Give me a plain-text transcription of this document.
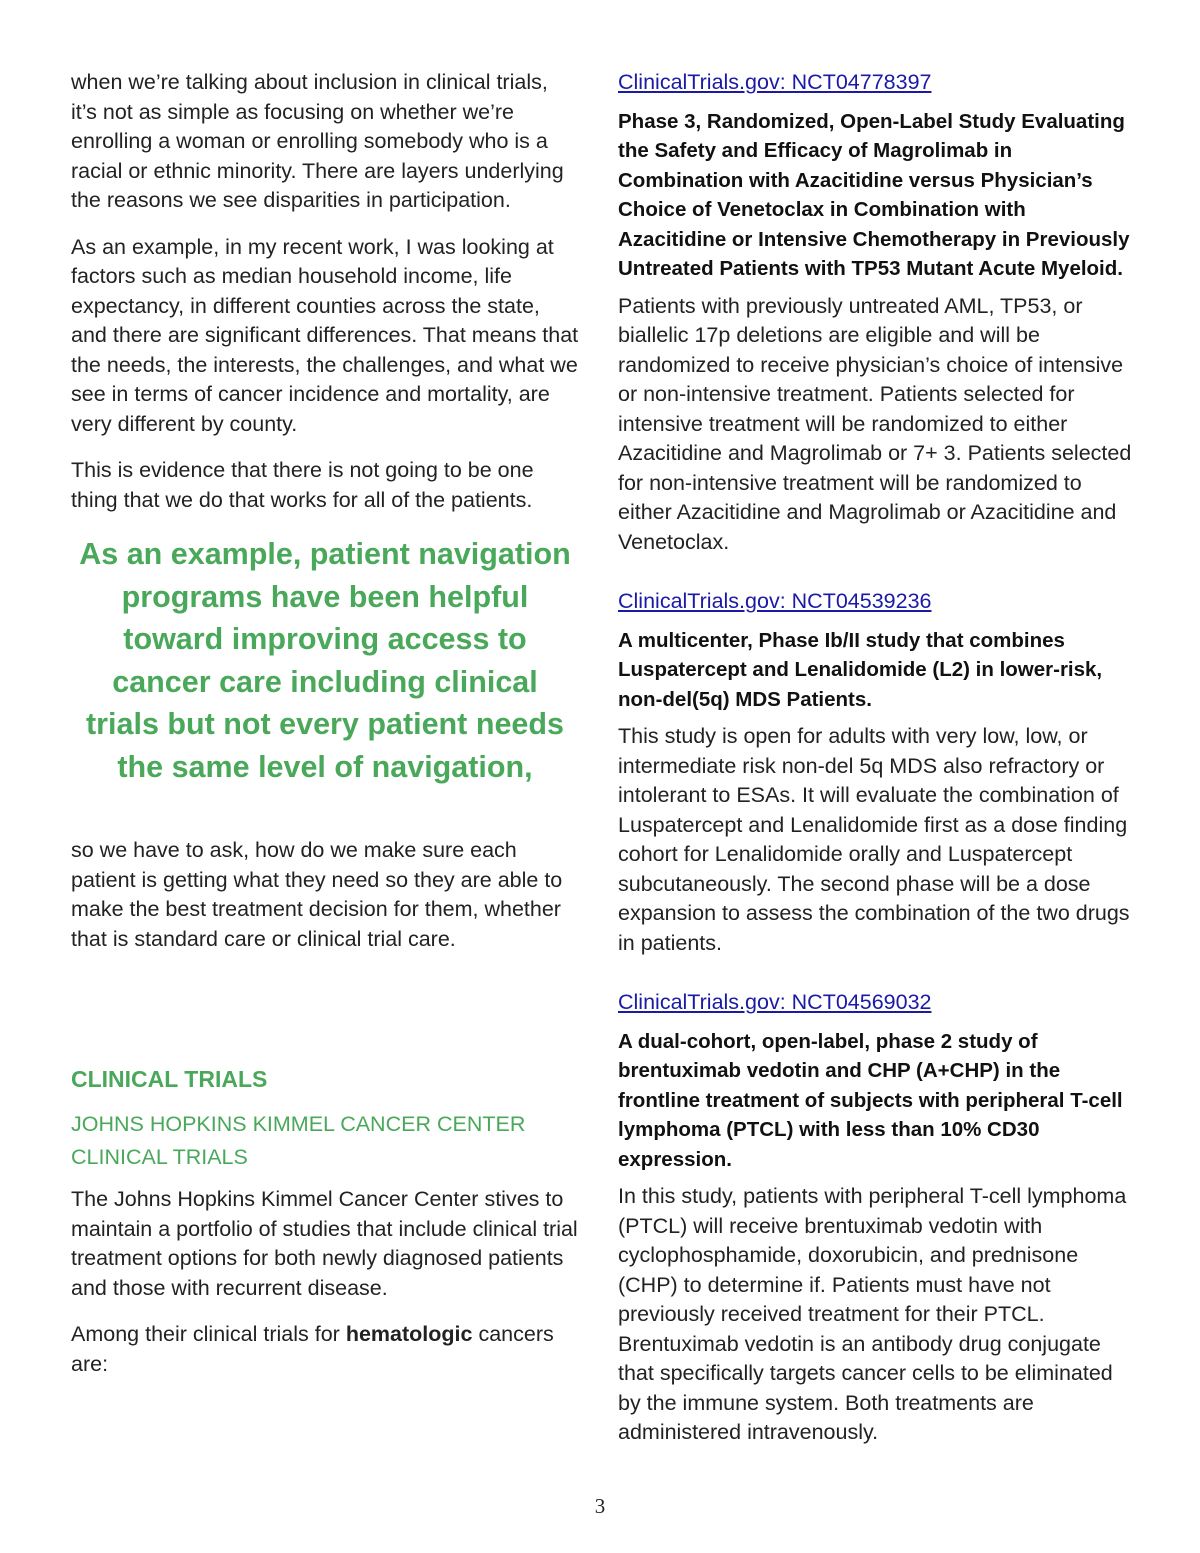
when we’re talking about inclusion in clinical trials, it’s not as simple as focusing on whether we’re enrolling a woman or enrolling somebody who is a racial or ethnic minority. There are layers underlying the reasons we see disparities in participation.

As an example, in my recent work, I was looking at factors such as median household income, life expectancy, in different counties across the state, and there are significant differences. That means that the needs, the interests, the challenges, and what we see in terms of cancer incidence and mortality, are very different by county.

This is evidence that there is not going to be one thing that we do that works for all of the patients.

As an example, patient navigation programs have been helpful toward improving access to cancer care including clinical trials but not every patient needs the same level of navigation,

so we have to ask, how do we make sure each patient is getting what they need so they are able to make the best treatment decision for them, whether that is standard care or clinical trial care.

CLINICAL TRIALS
JOHNS HOPKINS KIMMEL CANCER CENTER
CLINICAL TRIALS

The Johns Hopkins Kimmel Cancer Center stives to maintain a portfolio of studies that include clinical trial treatment options for both newly diagnosed patients and those with recurrent disease.

Among their clinical trials for hematologic cancers are:

ClinicalTrials.gov: NCT04778397
Phase 3, Randomized, Open-Label Study Evaluating the Safety and Efficacy of Magrolimab in Combination with Azacitidine versus Physician’s Choice of Venetoclax in Combination with Azacitidine or Intensive Chemotherapy in Previously Untreated Patients with TP53 Mutant Acute Myeloid.

Patients with previously untreated AML, TP53, or biallelic 17p deletions are eligible and will be randomized to receive physician’s choice of intensive or non-intensive treatment. Patients selected for intensive treatment will be randomized to either Azacitidine and Magrolimab or 7+ 3. Patients selected for non-intensive treatment will be randomized to either Azacitidine and Magrolimab or Azacitidine and Venetoclax.

ClinicalTrials.gov: NCT04539236
A multicenter, Phase Ib/II study that combines Luspatercept and Lenalidomide (L2) in lower-risk, non-del(5q) MDS Patients.

This study is open for adults with very low, low, or intermediate risk non-del 5q MDS also refractory or intolerant to ESAs. It will evaluate the combination of Luspatercept and Lenalidomide first as a dose finding cohort for Lenalidomide orally and Luspatercept subcutaneously. The second phase will be a dose expansion to assess the combination of the two drugs in patients.

ClinicalTrials.gov: NCT04569032
A dual-cohort, open-label, phase 2 study of brentuximab vedotin and CHP (A+CHP) in the frontline treatment of subjects with peripheral T-cell lymphoma (PTCL) with less than 10% CD30 expression.

In this study, patients with peripheral T-cell lymphoma (PTCL) will receive brentuximab vedotin with cyclophosphamide, doxorubicin, and prednisone (CHP) to determine if. Patients must have not previously received treatment for their PTCL. Brentuximab vedotin is an antibody drug conjugate that specifically targets cancer cells to be eliminated by the immune system. Both treatments are administered intravenously.

3
